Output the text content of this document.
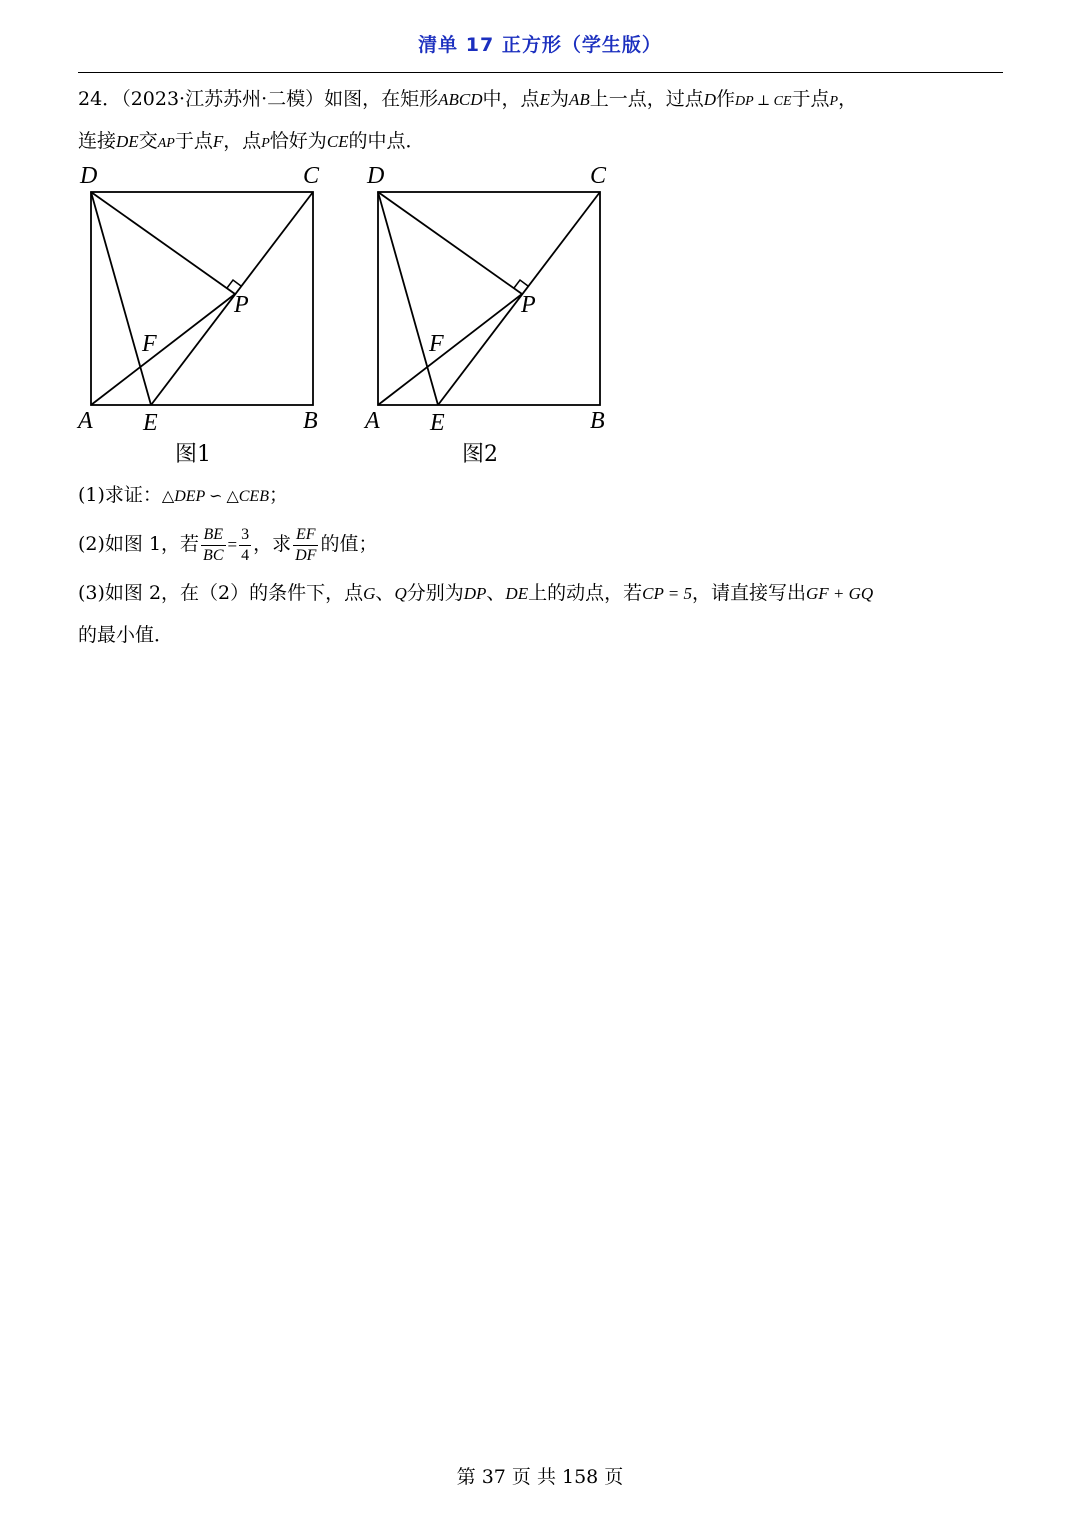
清单 17 正方形（学生版）
24．（2023·江苏苏州·二模）如图，在矩形ABCD中，点E为AB上一点，过点D作DP ⊥ CE于点P，
连接DE交AP于点F，点P恰好为CE的中点．
D	C
P
F
A E	B
图1
D	C
P
F
A E	B
图2
(1)求证：△DEP ∽ △CEB；
(2)如图 1，若 $\frac{BE}{BC} = \frac{3}{4}$ ，求 $\frac{EF}{DF}$ 的值；
(3)如图 2，在（2）的条件下，点G、Q分别为DP、DE上的动点，若CP = 5，请直接写出GF + GQ
的最小值．
第 37 页 共 158 页
